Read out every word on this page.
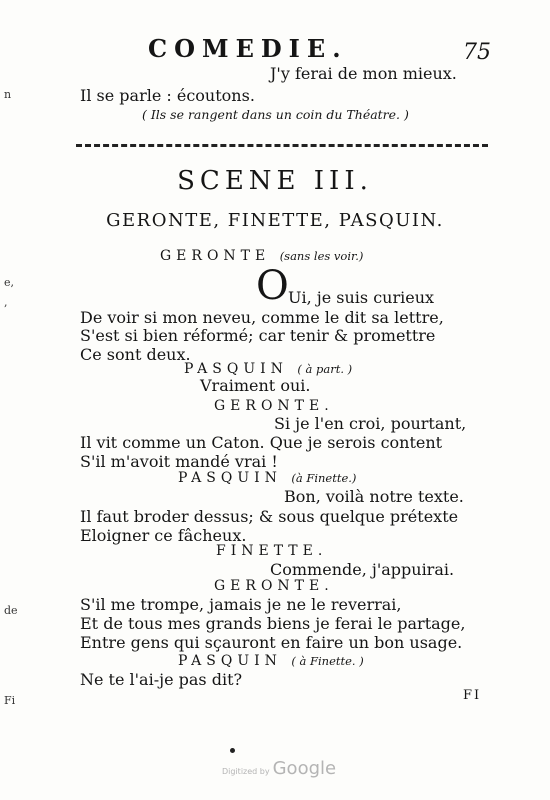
COMEDIE.	75
J'y ferai de mon mieux.
Il se parle : écoutons.
( Ils se rangent dans un coin du Théatre. )
SCENE III.
GERONTE, FINETTE, PASQUIN.
GERONTE (sans les voir.)
O Ui, je suis curieux
De voir si mon neveu, comme le dit sa lettre,
S'est si bien réformé; car tenir & promettre
Ce sont deux.
PASQUIN ( à part. )
Vraiment oui.
GERONTE.
Si je l'en croi, pourtant,
Il vit comme un Caton. Que je serois content
S'il m'avoit mandé vrai !
PASQUIN (à Finette.)
Bon, voilà notre texte.
Il faut broder dessus; & sous quelque prétexte
Eloigner ce fâcheux.
FINETTE.
Commende, j'appuirai.
GERONTE.
S'il me trompe, jamais je ne le reverrai,
Et de tous mes grands biens je ferai le partage,
Entre gens qui sçauront en faire un bon usage.
PASQUIN ( à Finette. )
Ne te l'ai-je pas dit?
FI
n
e,
,
de
Fi
Digitized by Google
